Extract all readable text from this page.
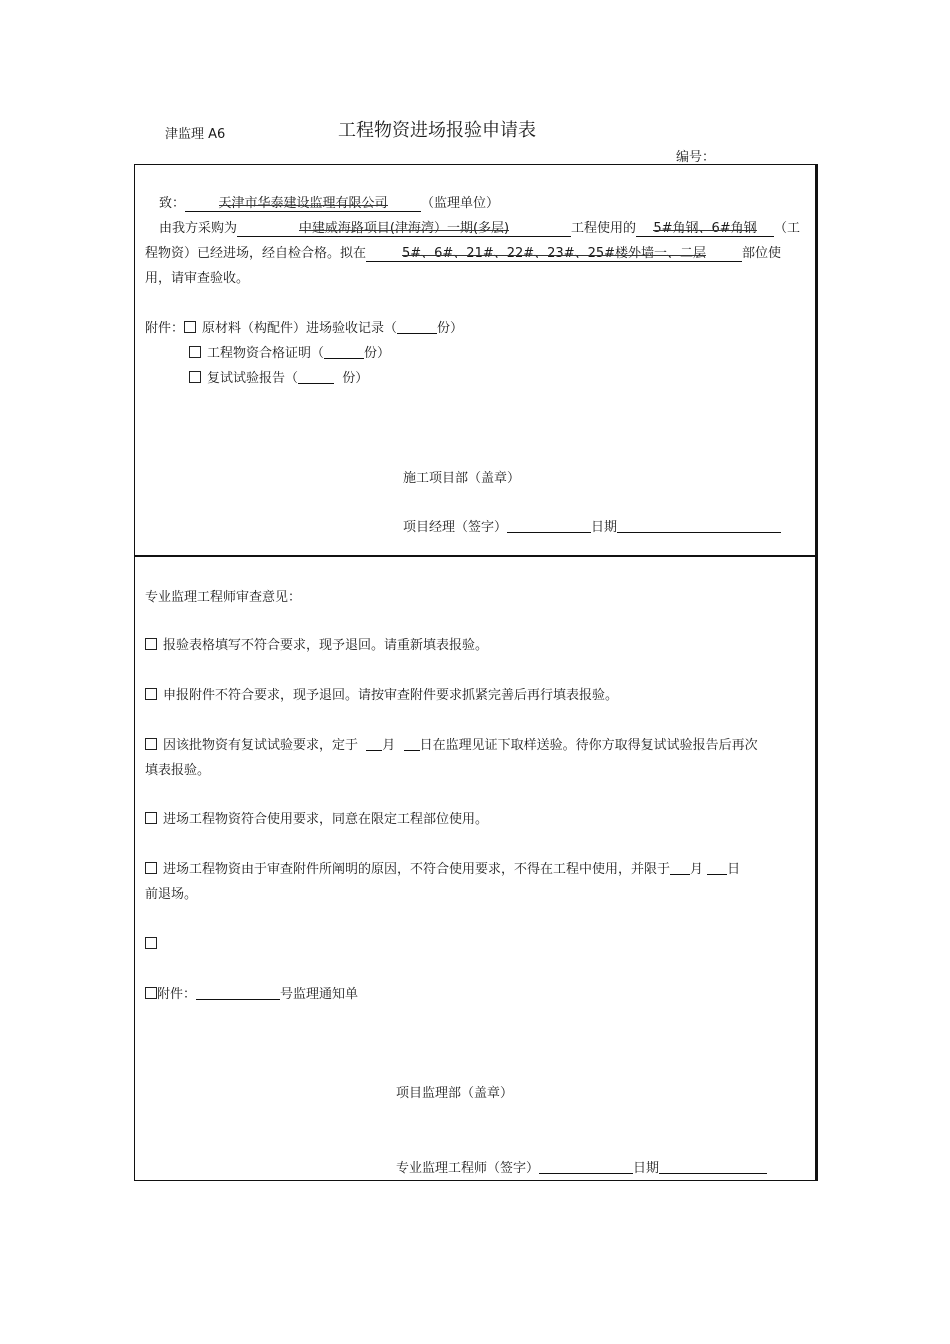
津监理 A6	工程物资进场报验申请表
编号：
致：	天津市华泰建设监理有限公司	（监理单位）
由我方采购为	中建威海路项目(津海湾）一期(多层)	工程使用的 5#角钢、6#角钢 （工
程物资）已经进场，经自检合格。拟在	5#、6#、21#、22#、23#、25#楼外墙一、二层	部位使
用，请审查验收。
附件： 原材料（构配件）进场验收记录（	份）
工程物资合格证明（	份）
复试试验报告（	份）
施工项目部（盖章）
项目经理（签字）	日期
专业监理工程师审查意见：
报验表格填写不符合要求，现予退回。请重新填表报验。
申报附件不符合要求，现予退回。请按审查附件要求抓紧完善后再行填表报验。
因该批物资有复试试验要求，定于 月 日在监理见证下取样送验。待你方取得复试试验报告后再次
填表报验。
进场工程物资符合使用要求，同意在限定工程部位使用。
进场工程物资由于审查附件所阐明的原因，不符合使用要求，不得在工程中使用，并限于 月 日
前退场。
附件：	号监理通知单
项目监理部（盖章）
专业监理工程师（签字）	日期
